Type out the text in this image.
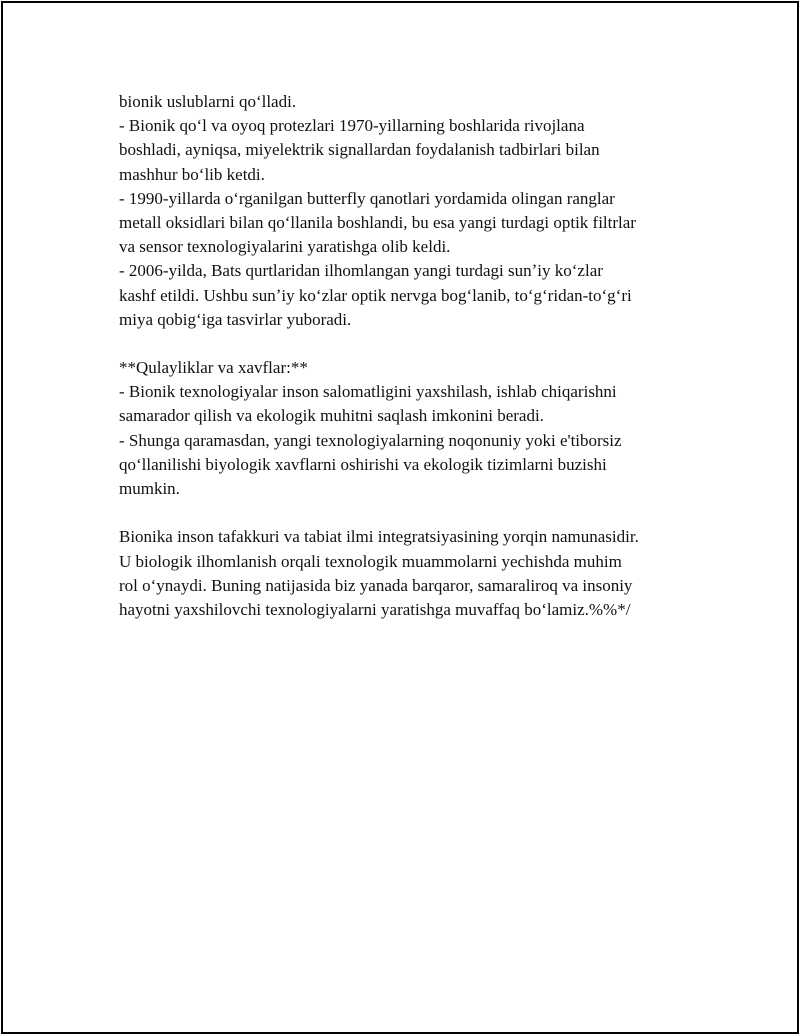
bionik uslublarni qoʻlladi.
- Bionik qoʻl va oyoq protezlari 1970-yillarning boshlarida rivojlana
boshladi, ayniqsa, miyelektrik signallardan foydalanish tadbirlari bilan
mashhur boʻlib ketdi.
- 1990-yillarda oʻrganilgan butterfly qanotlari yordamida olingan ranglar
metall oksidlari bilan qoʻllanila boshlandi, bu esa yangi turdagi optik filtrlar
va sensor texnologiyalarini yaratishga olib keldi.
- 2006-yilda, Bats qurtlaridan ilhomlangan yangi turdagi sunʼiy koʻzlar
kashf etildi. Ushbu sunʼiy koʻzlar optik nervga bogʻlanib, toʻgʻridan-toʻgʻri
miya qobigʻiga tasvirlar yuboradi.
**Qulayliklar va xavflar:**
- Bionik texnologiyalar inson salomatligini yaxshilash, ishlab chiqarishni
samarador qilish va ekologik muhitni saqlash imkonini beradi.
- Shunga qaramasdan, yangi texnologiyalarning noqonuniy yoki e'tiborsiz
qoʻllanilishi biyologik xavflarni oshirishi va ekologik tizimlarni buzishi
mumkin.
Bionika inson tafakkuri va tabiat ilmi integratsiyasining yorqin namunasidir.
U biologik ilhomlanish orqali texnologik muammolarni yechishda muhim
rol oʻynaydi. Buning natijasida biz yanada barqaror, samaraliroq va insoniy
hayotni yaxshilovchi texnologiyalarni yaratishga muvaffaq boʻlamiz.%%*/
